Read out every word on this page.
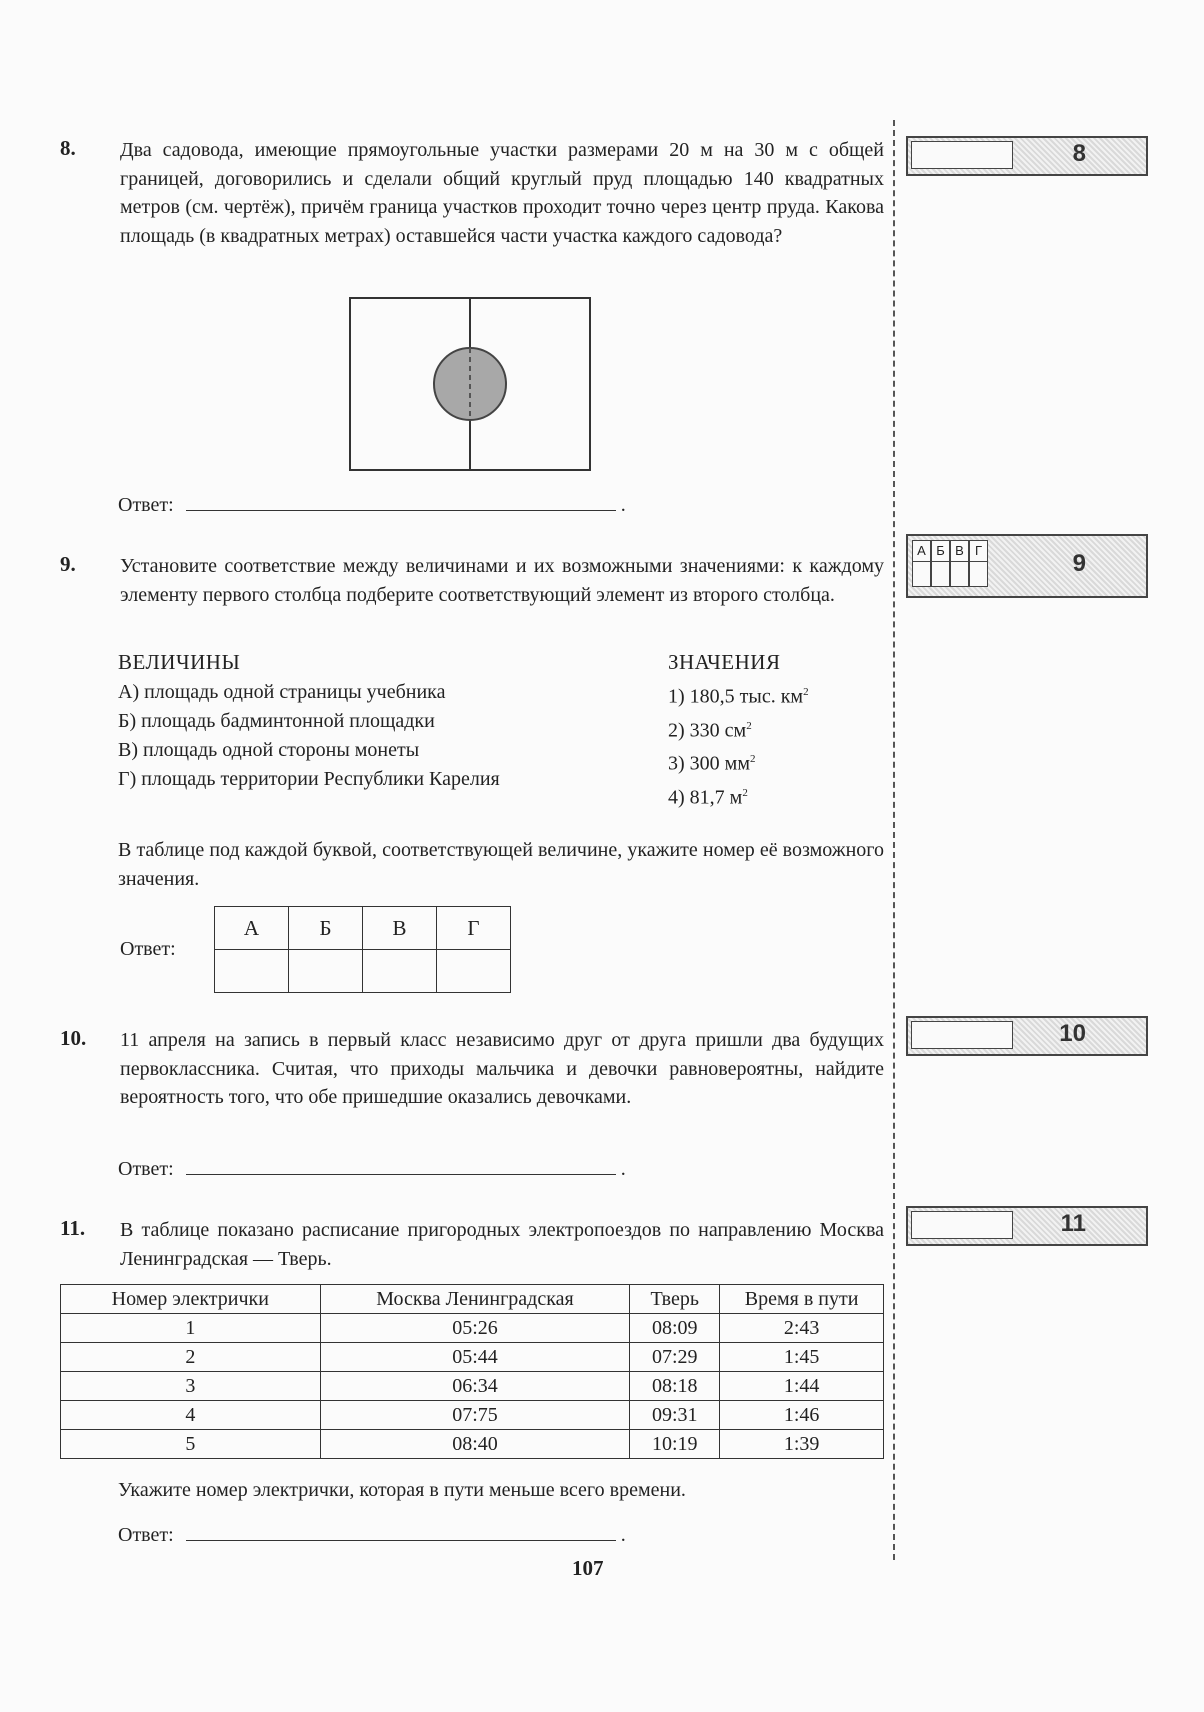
8. Два садовода, имеющие прямоугольные участки размерами 20 м на 30 м с общей границей, договорились и сделали общий круглый пруд площадью 140 квадратных метров (см. чертёж), причём граница участков проходит точно через центр пруда. Какова площадь (в квадратных метрах) оставшейся части участка каждого садовода?
Ответ:	.
8
9. Установите соответствие между величинами и их возможными значениями: к каждому элементу первого столбца подберите соответствующий элемент из второго столбца.
ВЕЛИЧИНЫ	ЗНАЧЕНИЯ
А) площадь одной страницы учебника
Б) площадь бадминтонной площадки
В) площадь одной стороны монеты
Г) площадь территории Республики Карелия
1) 180,5 тыс. $км^2$
2) 330 $см^2$
3) 300 $мм^2$
4) 81,7 $м^2$
В таблице под каждой буквой, соответствующей величине, укажите номер её возможного значения.
Ответ:
А	Б	В	Г

А Б В Г	9
10. 11 апреля на запись в первый класс независимо друг от друга пришли два будущих первоклассника. Считая, что приходы мальчика и девочки равновероятны, найдите вероятность того, что обе пришедшие оказались девочками.
Ответ:	.
10
11. В таблице показано расписание пригородных электропоездов по направлению Москва Ленинградская — Тверь.
Номер электрички	Москва Ленинградская	Тверь	Время в пути
1	05:26	08:09	2:43
2	05:44	07:29	1:45
3	06:34	08:18	1:44
4	07:75	09:31	1:46
5	08:40	10:19	1:39
Укажите номер электрички, которая в пути меньше всего времени.
Ответ:	.
11
107
